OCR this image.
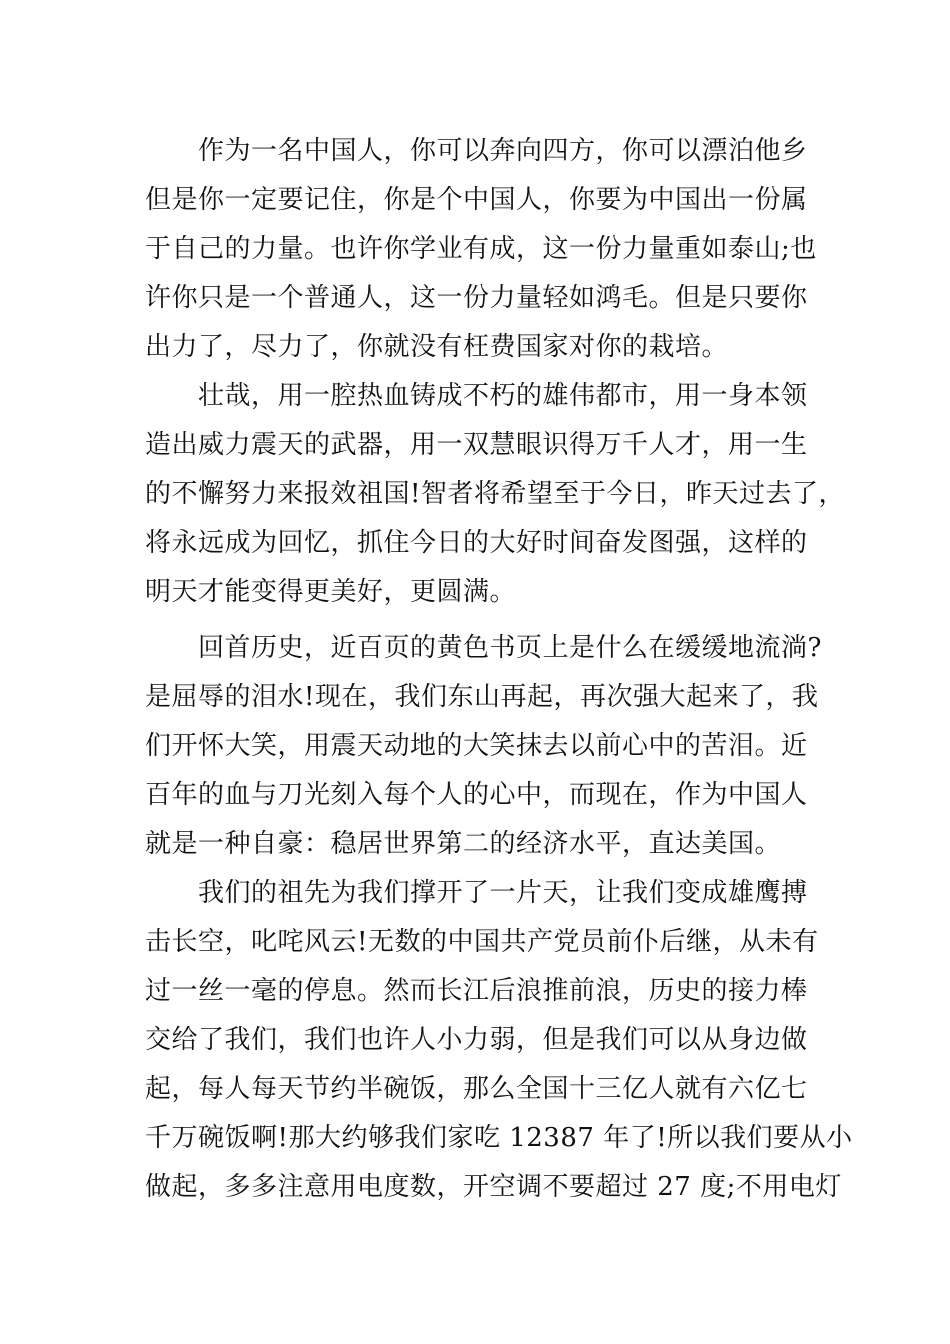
　　作为一名中国人，你可以奔向四方，你可以漂泊他乡
但是你一定要记住，你是个中国人，你要为中国出一份属
于自己的力量。也许你学业有成，这一份力量重如泰山;也
许你只是一个普通人，这一份力量轻如鸿毛。但是只要你
出力了，尽力了，你就没有枉费国家对你的栽培。
　　壮哉，用一腔热血铸成不朽的雄伟都市，用一身本领
造出威力震天的武器，用一双慧眼识得万千人才，用一生
的不懈努力来报效祖国!智者将希望至于今日，昨天过去了，
将永远成为回忆，抓住今日的大好时间奋发图强，这样的
明天才能变得更美好，更圆满。
　　回首历史，近百页的黄色书页上是什么在缓缓地流淌?
是屈辱的泪水!现在，我们东山再起，再次强大起来了，我
们开怀大笑，用震天动地的大笑抹去以前心中的苦泪。近
百年的血与刀光刻入每个人的心中，而现在，作为中国人
就是一种自豪：稳居世界第二的经济水平，直达美国。
　　我们的祖先为我们撑开了一片天，让我们变成雄鹰搏
击长空，叱咤风云!无数的中国共产党员前仆后继，从未有
过一丝一毫的停息。然而长江后浪推前浪，历史的接力棒
交给了我们，我们也许人小力弱，但是我们可以从身边做
起，每人每天节约半碗饭，那么全国十三亿人就有六亿七
千万碗饭啊!那大约够我们家吃 12387 年了!所以我们要从小
做起，多多注意用电度数，开空调不要超过 27 度;不用电灯
